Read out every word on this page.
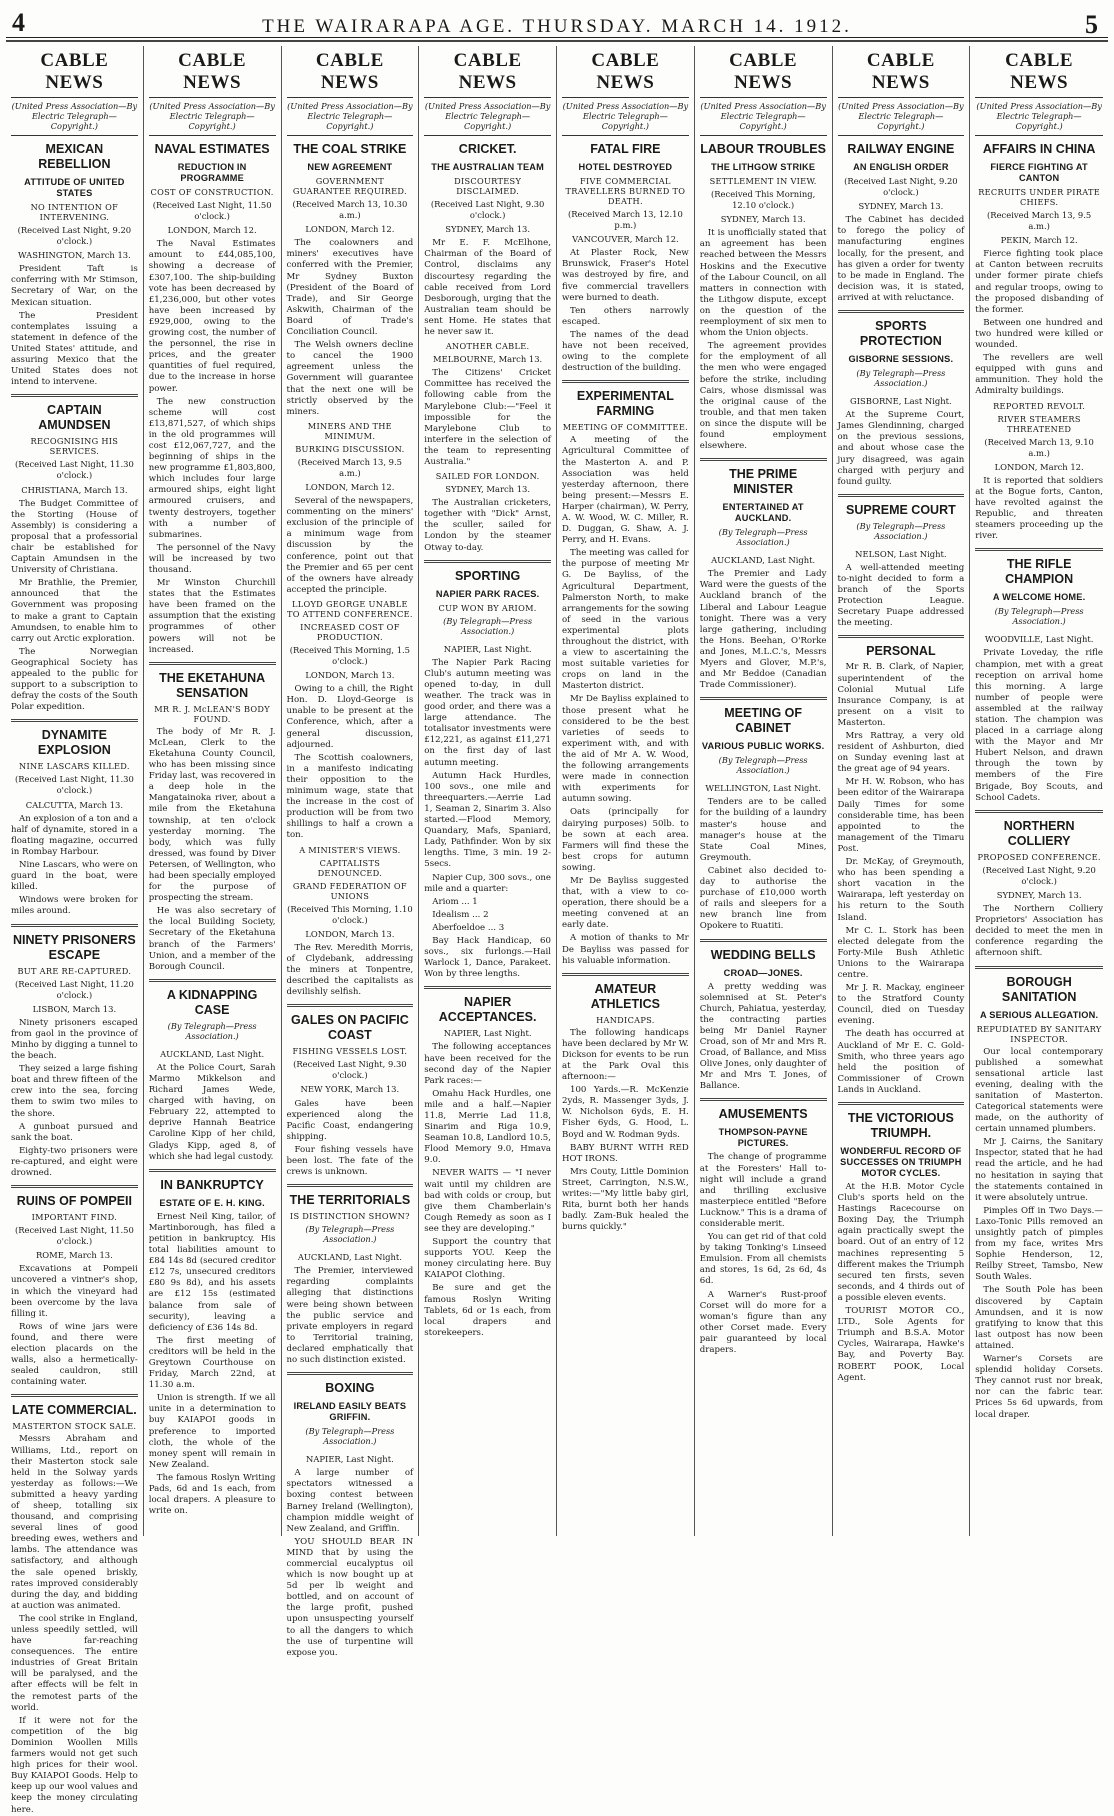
4	THE WAIRARAPA AGE. THURSDAY. MARCH 14. 1912.	5
CABLE NEWS
(United Press Association—By Electric Telegraph—Copyright.)
MEXICAN REBELLION
ATTITUDE OF UNITED STATES
NO INTENTION OF INTERVENING.
(Received Last Night, 9.20 o'clock.)
WASHINGTON, March 13.
President Taft is conferring with Mr Stimson, Secretary of War, on the Mexican situation.
The President contemplates issuing a statement in defence of the United States' attitude, and assuring Mexico that the United States does not intend to intervene.
CAPTAIN AMUNDSEN
RECOGNISING HIS SERVICES.
(Received Last Night, 11.30 o'clock.)
CHRISTIANA, March 13.
The Budget Committee of the Storting (House of Assembly) is considering a proposal that a professorial chair be established for Captain Amundsen in the University of Christiana.
Mr Brathlie, the Premier, announced that the Government was proposing to make a grant to Captain Amundsen, to enable him to carry out Arctic exploration.
The Norwegian Geographical Society has appealed to the public for support to a subscription to defray the costs of the South Polar expedition.
DYNAMITE EXPLOSION
NINE LASCARS KILLED.
(Received Last Night, 11.30 o'clock.)
CALCUTTA, March 13.
An explosion of a ton and a half of dynamite, stored in a floating magazine, occurred in Rombay Harbour.
Nine Lascars, who were on guard in the boat, were killed.
Windows were broken for miles around.
NINETY PRISONERS ESCAPE
BUT ARE RE-CAPTURED.
(Received Last Night, 11.20 o'clock.)
LISBON, March 13.
Ninety prisoners escaped from gaol in the province of Minho by digging a tunnel to the beach.
They seized a large fishing boat and threw fifteen of the crew into the sea, forcing them to swim two miles to the shore.
A gunboat pursued and sank the boat.
Eighty-two prisoners were re-captured, and eight were drowned.
RUINS OF POMPEII
IMPORTANT FIND.
(Received Last Night, 11.50 o'clock.)
ROME, March 13.
Excavations at Pompeii uncovered a vintner's shop, in which the vineyard had been overcome by the lava filling it.
Rows of wine jars were found, and there were election placards on the walls, also a hermetically-sealed cauldron, still containing water.
LATE COMMERCIAL.
MASTERTON STOCK SALE.
Messrs Abraham and Williams, Ltd., report on their Masterton stock sale held in the Solway yards yesterday as follows:—We submitted a heavy yarding of sheep, totalling six thousand, and comprising several lines of good breeding ewes, wethers and lambs. The attendance was satisfactory, and although the sale opened briskly, rates improved considerably during the day, and bidding at auction was animated.
The cool strike in England, unless speedily settled, will have far-reaching consequences. The entire industries of Great Britain will be paralysed, and the after effects will be felt in the remotest parts of the world.
If it were not for the competition of the big Dominion Woollen Mills farmers would not get such high prices for their wool. Buy KAIAPOI Goods. Help to keep up our wool values and keep the money circulating here.
CABLE NEWS
(United Press Association—By Electric Telegraph—Copyright.)
NAVAL ESTIMATES
REDUCTION IN PROGRAMME
COST OF CONSTRUCTION.
(Received Last Night, 11.50 o'clock.)
LONDON, March 12.
The Naval Estimates amount to £44,085,100, showing a decrease of £307,100. The ship-building vote has been decreased by £1,236,000, but other votes have been increased by £929,000, owing to the growing cost, the number of the personnel, the rise in prices, and the greater quantities of fuel required, due to the increase in horse power.
The new construction scheme will cost £13,871,527, of which ships in the old programmes will cost £12,067,727, and the beginning of ships in the new programme £1,803,800, which includes four large armoured ships, eight light armoured cruisers, and twenty destroyers, together with a number of submarines.
The personnel of the Navy will be increased by two thousand.
Mr Winston Churchill states that the Estimates have been framed on the assumption that the existing programmes of other powers will not be increased.
THE EKETAHUNA SENSATION
MR R. J. McLEAN'S BODY FOUND.
The body of Mr R. J. McLean, Clerk to the Eketahuna County Council, who has been missing since Friday last, was recovered in a deep hole in the Mangatainoka river, about a mile from the Eketahuna township, at ten o'clock yesterday morning. The body, which was fully dressed, was found by Diver Petersen, of Wellington, who had been specially employed for the purpose of prospecting the stream.
He was also secretary of the local Building Society, Secretary of the Eketahuna branch of the Farmers' Union, and a member of the Borough Council.
A KIDNAPPING CASE
(By Telegraph—Press Association.)
AUCKLAND, Last Night.
At the Police Court, Sarah Marmo Mikkelson and Richard James Wede, charged with having, on February 22, attempted to deprive Hannah Beatrice Caroline Kipp of her child, Gladys Kipp, aged 8, of which she had legal custody.
IN BANKRUPTCY
ESTATE OF E. H. KING.
Ernest Neil King, tailor, of Martinborough, has filed a petition in bankruptcy. His total liabilities amount to £84 14s 8d (secured creditor £12 7s, unsecured creditors £80 9s 8d), and his assets are £12 15s (estimated balance from sale of security), leaving a deficiency of £36 14s 8d.
The first meeting of creditors will be held in the Greytown Courthouse on Friday, March 22nd, at 11.30 a.m.
Union is strength. If we all unite in a determination to buy KAIAPOI goods in preference to imported cloth, the whole of the money spent will remain in New Zealand.
The famous Roslyn Writing Pads, 6d and 1s each, from local drapers. A pleasure to write on.
CABLE NEWS
(United Press Association—By Electric Telegraph—Copyright.)
THE COAL STRIKE
NEW AGREEMENT
GOVERNMENT GUARANTEE REQUIRED.
(Received March 13, 10.30 a.m.)
LONDON, March 12.
The coalowners and miners' executives have conferred with the Premier, Mr Sydney Buxton (President of the Board of Trade), and Sir George Askwith, Chairman of the Board of Trade's Conciliation Council.
The Welsh owners decline to cancel the 1900 agreement unless the Government will guarantee that the next one will be strictly observed by the miners.
MINERS AND THE MINIMUM.
BURKING DISCUSSION.
(Received March 13, 9.5 a.m.)
LONDON, March 12.
Several of the newspapers, commenting on the miners' exclusion of the principle of a minimum wage from discussion by the conference, point out that the Premier and 65 per cent of the owners have already accepted the principle.
LLOYD GEORGE UNABLE TO ATTEND CONFERENCE.
INCREASED COST OF PRODUCTION.
(Received This Morning, 1.5 o'clock.)
LONDON, March 13.
Owing to a chill, the Right Hon. D. Lloyd-George is unable to be present at the Conference, which, after a general discussion, adjourned.
The Scottish coalowners, in a manifesto indicating their opposition to the minimum wage, state that the increase in the cost of production will be from two shillings to half a crown a ton.
A MINISTER'S VIEWS.
CAPITALISTS DENOUNCED.
GRAND FEDERATION OF UNIONS
(Received This Morning, 1.10 o'clock.)
LONDON, March 13.
The Rev. Meredith Morris, of Clydebank, addressing the miners at Tonpentre, described the capitalists as devilishly selfish.
GALES ON PACIFIC COAST
FISHING VESSELS LOST.
(Received Last Night, 9.30 o'clock.)
NEW YORK, March 13.
Gales have been experienced along the Pacific Coast, endangering shipping.
Four fishing vessels have been lost. The fate of the crews is unknown.
THE TERRITORIALS
IS DISTINCTION SHOWN?
(By Telegraph—Press Association.)
AUCKLAND, Last Night.
The Premier, interviewed regarding complaints alleging that distinctions were being shown between the public service and private employers in regard to Territorial training, declared emphatically that no such distinction existed.
BOXING
IRELAND EASILY BEATS GRIFFIN.
(By Telegraph—Press Association.)
NAPIER, Last Night.
A large number of spectators witnessed a boxing contest between Barney Ireland (Wellington), champion middle weight of New Zealand, and Griffin.
YOU SHOULD BEAR IN MIND that by using the commercial eucalyptus oil which is now bought up at 5d per lb weight and bottled, and on account of the large profit, pushed upon unsuspecting yourself to all the dangers to which the use of turpentine will expose you.
CABLE NEWS
(United Press Association—By Electric Telegraph—Copyright.)
CRICKET.
THE AUSTRALIAN TEAM
DISCOURTESY DISCLAIMED.
(Received Last Night, 9.30 o'clock.)
SYDNEY, March 13.
Mr E. F. McElhone, Chairman of the Board of Control, disclaims any discourtesy regarding the cable received from Lord Desborough, urging that the Australian team should be sent Home. He states that he never saw it.
ANOTHER CABLE.
MELBOURNE, March 13.
The Citizens' Cricket Committee has received the following cable from the Marylebone Club:—"Feel it impossible for the Marylebone Club to interfere in the selection of the team to representing Australia."
SAILED FOR LONDON.
SYDNEY, March 13.
The Australian cricketers, together with "Dick" Arnst, the sculler, sailed for London by the steamer Otway to-day.
SPORTING
NAPIER PARK RACES.
CUP WON BY ARIOM.
(By Telegraph—Press Association.)
NAPIER, Last Night.
The Napier Park Racing Club's autumn meeting was opened to-day, in dull weather. The track was in good order, and there was a large attendance. The totalisator investments were £12,221, as against £11,271 on the first day of last autumn meeting.
Autumn Hack Hurdles, 100 sovs., one mile and threequarters.—Aerrie Lad 1, Seaman 2, Sinarim 3. Also started.—Flood Memory, Quandary, Mafs, Spaniard, Lady, Pathfinder. Won by six lengths. Time, 3 min. 19 2-5secs.
Napier Cup, 300 sovs., one mile and a quarter:
Ariom ... 1
Idealism ... 2
Aberfoeldoe ... 3
Bay Hack Handicap, 60 sovs., six furlongs.—Hail Warlock 1, Dance, Parakeet. Won by three lengths.
NAPIER ACCEPTANCES.
NAPIER, Last Night.
The following acceptances have been received for the second day of the Napier Park races:—
Omahu Hack Hurdles, one mile and a half.—Napier 11.8, Merrie Lad 11.8, Sinarim and Riga 10.9, Seaman 10.8, Landlord 10.5, Flood Memory 9.0, Hmava 9.0.
NEVER WAITS — "I never wait until my children are bad with colds or croup, but give them Chamberlain's Cough Remedy as soon as I see they are developing."
Support the country that supports YOU. Keep the money circulating here. Buy KAIAPOI Clothing.
Be sure and get the famous Roslyn Writing Tablets, 6d or 1s each, from local drapers and storekeepers.
CABLE NEWS
(United Press Association—By Electric Telegraph—Copyright.)
FATAL FIRE
HOTEL DESTROYED
FIVE COMMERCIAL TRAVELLERS BURNED TO DEATH.
(Received March 13, 12.10 p.m.)
VANCOUVER, March 12.
At Plaster Rock, New Brunswick, Fraser's Hotel was destroyed by fire, and five commercial travellers were burned to death.
Ten others narrowly escaped.
The names of the dead have not been received, owing to the complete destruction of the building.
EXPERIMENTAL FARMING
MEETING OF COMMITTEE.
A meeting of the Agricultural Committee of the Masterton A. and P. Association was held yesterday afternoon, there being present:—Messrs E. Harper (chairman), W. Perry, A. W. Wood, W. C. Miller, R. D. Duggan, G. Shaw, A. J. Perry, and H. Evans.
The meeting was called for the purpose of meeting Mr G. De Bayliss, of the Agricultural Department, Palmerston North, to make arrangements for the sowing of seed in the various experimental plots throughout the district, with a view to ascertaining the most suitable varieties for crops on land in the Masterton district.
Mr De Bayliss explained to those present what he considered to be the best varieties of seeds to experiment with, and with the aid of Mr A. W. Wood, the following arrangements were made in connection with experiments for autumn sowing.
Oats (principally for dairying purposes) 50lb. to be sown at each area. Farmers will find these the best crops for autumn sowing.
Mr De Bayliss suggested that, with a view to co-operation, there should be a meeting convened at an early date.
A motion of thanks to Mr De Bayliss was passed for his valuable information.
AMATEUR ATHLETICS
HANDICAPS.
The following handicaps have been declared by Mr W. Dickson for events to be run at the Park Oval this afternoon:—
100 Yards.—R. McKenzie 2yds, R. Massenger 3yds, J. W. Nicholson 6yds, E. H. Fisher 6yds, G. Hood, L. Boyd and W. Rodman 9yds.
BABY BURNT WITH RED HOT IRONS.
Mrs Couty, Little Dominion Street, Carrington, N.S.W., writes:—"My little baby girl, Rita, burnt both her hands badly. Zam-Buk healed the burns quickly."
CABLE NEWS
(United Press Association—By Electric Telegraph—Copyright.)
LABOUR TROUBLES
THE LITHGOW STRIKE
SETTLEMENT IN VIEW.
(Received This Morning, 12.10 o'clock.)
SYDNEY, March 13.
It is unofficially stated that an agreement has been reached between the Messrs Hoskins and the Executive of the Labour Council, on all matters in connection with the Lithgow dispute, except on the question of the reemployment of six men to whom the Union objects.
The agreement provides for the employment of all the men who were engaged before the strike, including Cairs, whose dismissal was the original cause of the trouble, and that men taken on since the dispute will be found employment elsewhere.
THE PRIME MINISTER
ENTERTAINED AT AUCKLAND.
(By Telegraph—Press Association.)
AUCKLAND, Last Night.
The Premier and Lady Ward were the guests of the Auckland branch of the Liberal and Labour League tonight. There was a very large gathering, including the Hons. Beehan, O'Rorke and Jones, M.L.C.'s, Messrs Myers and Glover, M.P.'s, and Mr Beddoe (Canadian Trade Commissioner).
MEETING OF CABINET
VARIOUS PUBLIC WORKS.
(By Telegraph—Press Association.)
WELLINGTON, Last Night.
Tenders are to be called for the building of a laundry master's house and manager's house at the State Coal Mines, Greymouth.
Cabinet also decided to-day to authorise the purchase of £10,000 worth of rails and sleepers for a new branch line from Opokere to Ruatiti.
WEDDING BELLS
CROAD—JONES.
A pretty wedding was solemnised at St. Peter's Church, Pahiatua, yesterday, the contracting parties being Mr Daniel Rayner Croad, son of Mr and Mrs R. Croad, of Ballance, and Miss Olive Jones, only daughter of Mr and Mrs T. Jones, of Ballance.
AMUSEMENTS
THOMPSON-PAYNE PICTURES.
The change of programme at the Foresters' Hall to-night will include a grand and thrilling exclusive masterpiece entitled "Before Lucknow." This is a drama of considerable merit.
You can get rid of that cold by taking Tonking's Linseed Emulsion. From all chemists and stores, 1s 6d, 2s 6d, 4s 6d.
A Warner's Rust-proof Corset will do more for a woman's figure than any other Corset made. Every pair guaranteed by local drapers.
CABLE NEWS
(United Press Association—By Electric Telegraph—Copyright.)
RAILWAY ENGINE
AN ENGLISH ORDER
(Received Last Night, 9.20 o'clock.)
SYDNEY, March 13.
The Cabinet has decided to forego the policy of manufacturing engines locally, for the present, and has given a order for twenty to be made in England. The decision was, it is stated, arrived at with reluctance.
SPORTS PROTECTION
GISBORNE SESSIONS.
(By Telegraph—Press Association.)
GISBORNE, Last Night.
At the Supreme Court, James Glendinning, charged on the previous sessions, and about whose case the jury disagreed, was again charged with perjury and found guilty.
SUPREME COURT
(By Telegraph—Press Association.)
NELSON, Last Night.
A well-attended meeting to-night decided to form a branch of the Sports Protection League. Secretary Puape addressed the meeting.
PERSONAL
Mr R. B. Clark, of Napier, superintendent of the Colonial Mutual Life Insurance Company, is at present on a visit to Masterton.
Mrs Rattray, a very old resident of Ashburton, died on Sunday evening last at the great age of 94 years.
Mr H. W. Robson, who has been editor of the Wairarapa Daily Times for some considerable time, has been appointed to the management of the Timaru Post.
Dr. McKay, of Greymouth, who has been spending a short vacation in the Wairarapa, left yesterday on his return to the South Island.
Mr C. L. Stork has been elected delegate from the Forty-Mile Bush Athletic Unions to the Wairarapa centre.
Mr J. R. Mackay, engineer to the Stratford County Council, died on Tuesday evening.
The death has occurred at Auckland of Mr E. C. Gold-Smith, who three years ago held the position of Commissioner of Crown Lands in Auckland.
THE VICTORIOUS TRIUMPH.
WONDERFUL RECORD OF SUCCESSES ON TRIUMPH MOTOR CYCLES.
At the H.B. Motor Cycle Club's sports held on the Hastings Racecourse on Boxing Day, the Triumph again practically swept the board. Out of an entry of 12 machines representing 5 different makes the Triumph secured ten firsts, seven seconds, and 4 thirds out of a possible eleven events.
TOURIST MOTOR CO., LTD., Sole Agents for Triumph and B.S.A. Motor Cycles, Wairarapa, Hawke's Bay, and Poverty Bay. ROBERT POOK, Local Agent.
CABLE NEWS
(United Press Association—By Electric Telegraph—Copyright.)
AFFAIRS IN CHINA
FIERCE FIGHTING AT CANTON
RECRUITS UNDER PIRATE CHIEFS.
(Received March 13, 9.5 a.m.)
PEKIN, March 12.
Fierce fighting took place at Canton between recruits under former pirate chiefs and regular troops, owing to the proposed disbanding of the former.
Between one hundred and two hundred were killed or wounded.
The revellers are well equipped with guns and ammunition. They hold the Admiralty buildings.
REPORTED REVOLT.
RIVER STEAMERS THREATENED
(Received March 13, 9.10 a.m.)
LONDON, March 12.
It is reported that soldiers at the Bogue forts, Canton, have revolted against the Republic, and threaten steamers proceeding up the river.
THE RIFLE CHAMPION
A WELCOME HOME.
(By Telegraph—Press Association.)
WOODVILLE, Last Night.
Private Loveday, the rifle champion, met with a great reception on arrival home this morning. A large number of people were assembled at the railway station. The champion was placed in a carriage along with the Mayor and Mr Hubert Nelson, and drawn through the town by members of the Fire Brigade, Boy Scouts, and School Cadets.
NORTHERN COLLIERY
PROPOSED CONFERENCE.
(Received Last Night, 9.20 o'clock.)
SYDNEY, March 13.
The Northern Colliery Proprietors' Association has decided to meet the men in conference regarding the afternoon shift.
BOROUGH SANITATION
A SERIOUS ALLEGATION.
REPUDIATED BY SANITARY INSPECTOR.
Our local contemporary published a somewhat sensational article last evening, dealing with the sanitation of Masterton. Categorical statements were made, on the authority of certain unnamed plumbers.
Mr J. Cairns, the Sanitary Inspector, stated that he had read the article, and he had no hesitation in saying that the statements contained in it were absolutely untrue.
Pimples Off in Two Days.—Laxo-Tonic Pills removed an unsightly patch of pimples from my face, writes Mrs Sophie Henderson, 12, Reilby Street, Tamsbo, New South Wales.
The South Pole has been discovered by Captain Amundsen, and it is now gratifying to know that this last outpost has now been attained.
Warner's Corsets are splendid holiday Corsets. They cannot rust nor break, nor can the fabric tear. Prices 5s 6d upwards, from local draper.
